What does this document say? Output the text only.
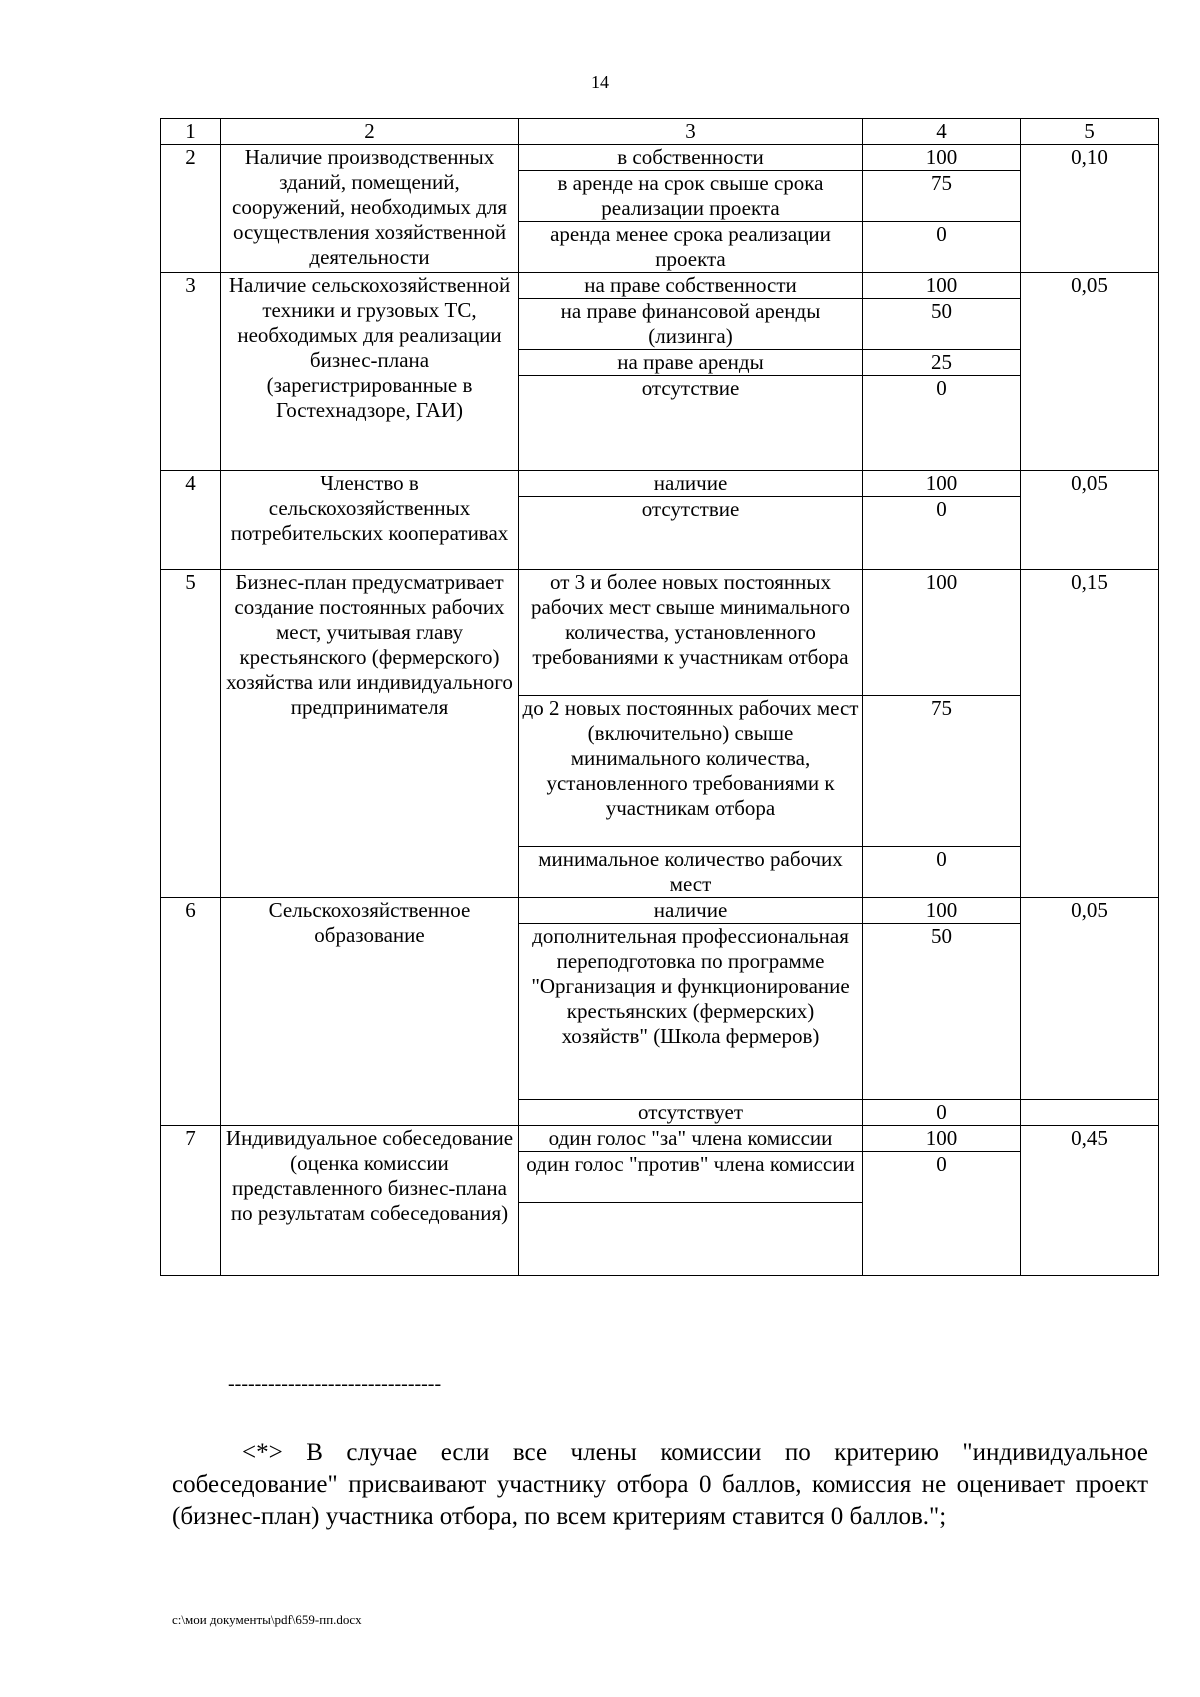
14
1	2	3	4	5
2	Наличие производственных зданий, помещений, сооружений, необходимых для осуществления хозяйственной деятельности	в собственности	100	0,10
		в аренде на срок свыше срока реализации проекта	75	
		аренда менее срока реализации проекта	0	

3	Наличие сельскохозяйственной техники и грузовых ТС, необходимых для реализации бизнес-плана (зарегистрированные в Гостехнадзоре, ГАИ)	на праве собственности	100	0,05
		на праве финансовой аренды (лизинга)	50	
		на праве аренды	25	
		отсутствие	0	

4	Членство в сельскохозяйственных потребительских кооперативах	наличие	100	0,05
		отсутствие	0	
5	Бизнес-план предусматривает создание постоянных рабочих мест, учитывая главу крестьянского (фермерского) хозяйства или индивидуального предпринимателя	от 3 и более новых постоянных рабочих мест свыше минимального количества, установленного требованиями к участникам отбора	100	0,15
		до 2 новых постоянных рабочих мест (включительно) свыше минимального количества, установленного требованиями к участникам отбора	75	
		минимальное количество рабочих мест	0	
6	Сельскохозяйственное образование	наличие	100	0,05
		дополнительная профессиональная переподготовка по программе "Организация и функционирование крестьянских (фермерских) хозяйств" (Школа фермеров)	50	
		отсутствует	0	
7	Индивидуальное собеседование (оценка комиссии представленного бизнес-плана по результатам собеседования)	один голос "за" члена комиссии	100	0,45
		один голос "против" члена комиссии	0	

--------------------------------

<*> В случае если все члены комиссии по критерию "индивидуальное собеседование" присваивают участнику отбора 0 баллов, комиссия не оценивает проект (бизнес-план) участника отбора, по всем критериям ставится 0 баллов.";

c:\мои документы\pdf\659-пп.docx
